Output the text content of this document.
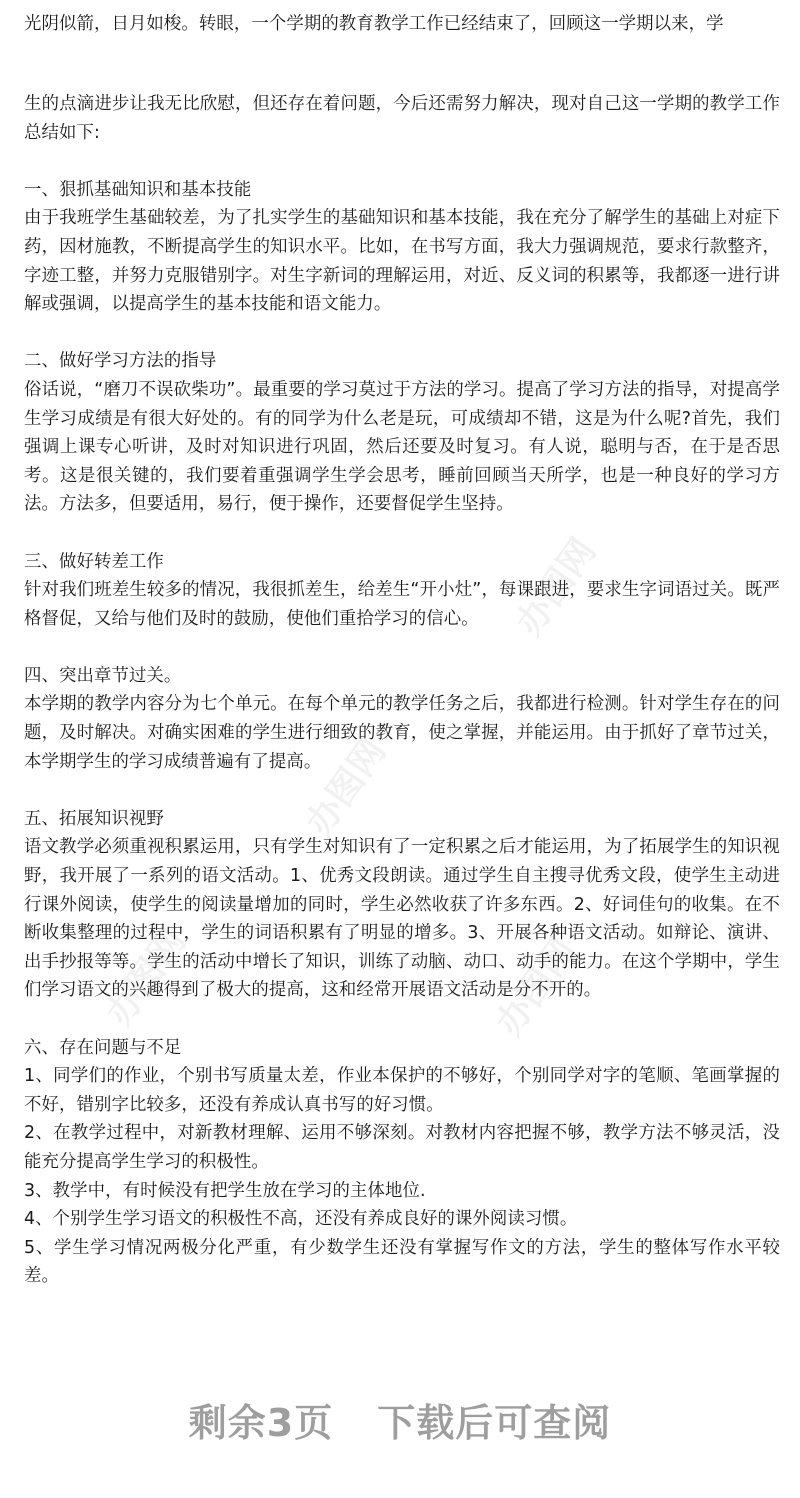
办图网
办图网
办图网	办图网

光阴似箭，日月如梭。转眼，一个学期的教育教学工作已经结束了，回顾这一学期以来，学

生的点滴进步让我无比欣慰，但还存在着问题，今后还需努力解决，现对自己这一学期的教学工作总结如下:

一、狠抓基础知识和基本技能

由于我班学生基础较差，为了扎实学生的基础知识和基本技能，我在充分了解学生的基础上对症下药，因材施教，不断提高学生的知识水平。比如，在书写方面，我大力强调规范，要求行款整齐，字迹工整，并努力克服错别字。对生字新词的理解运用，对近、反义词的积累等，我都逐一进行讲解或强调，以提高学生的基本技能和语文能力。

二、做好学习方法的指导

俗话说，“磨刀不误砍柴功”。最重要的学习莫过于方法的学习。提高了学习方法的指导，对提高学生学习成绩是有很大好处的。有的同学为什么老是玩，可成绩却不错，这是为什么呢?首先，我们强调上课专心听讲，及时对知识进行巩固，然后还要及时复习。有人说，聪明与否，在于是否思考。这是很关键的，我们要着重强调学生学会思考，睡前回顾当天所学，也是一种良好的学习方法。方法多，但要适用，易行，便于操作，还要督促学生坚持。

三、做好转差工作

针对我们班差生较多的情况，我很抓差生，给差生“开小灶”，每课跟进，要求生字词语过关。既严格督促，又给与他们及时的鼓励，使他们重拾学习的信心。

四、突出章节过关。

本学期的教学内容分为七个单元。在每个单元的教学任务之后，我都进行检测。针对学生存在的问题，及时解决。对确实困难的学生进行细致的教育，使之掌握，并能运用。由于抓好了章节过关，本学期学生的学习成绩普遍有了提高。

五、拓展知识视野

语文教学必须重视积累运用，只有学生对知识有了一定积累之后才能运用，为了拓展学生的知识视野，我开展了一系列的语文活动。1、优秀文段朗读。通过学生自主搜寻优秀文段，使学生主动进行课外阅读，使学生的阅读量增加的同时，学生必然收获了许多东西。2、好词佳句的收集。在不断收集整理的过程中，学生的词语积累有了明显的增多。3、开展各种语文活动。如辩论、演讲、出手抄报等等。学生的活动中增长了知识，训练了动脑、动口、动手的能力。在这个学期中，学生们学习语文的兴趣得到了极大的提高，这和经常开展语文活动是分不开的。

六、存在问题与不足

1、同学们的作业，个别书写质量太差，作业本保护的不够好，个别同学对字的笔顺、笔画掌握的不好，错别字比较多，还没有养成认真书写的好习惯。

2、在教学过程中，对新教材理解、运用不够深刻。对教材内容把握不够，教学方法不够灵活，没能充分提高学生学习的积极性。

3、教学中，有时候没有把学生放在学习的主体地位.

4、个别学生学习语文的积极性不高，还没有养成良好的课外阅读习惯。

5、学生学习情况两极分化严重，有少数学生还没有掌握写作文的方法，学生的整体写作水平较差。

剩余3页 下载后可查阅
